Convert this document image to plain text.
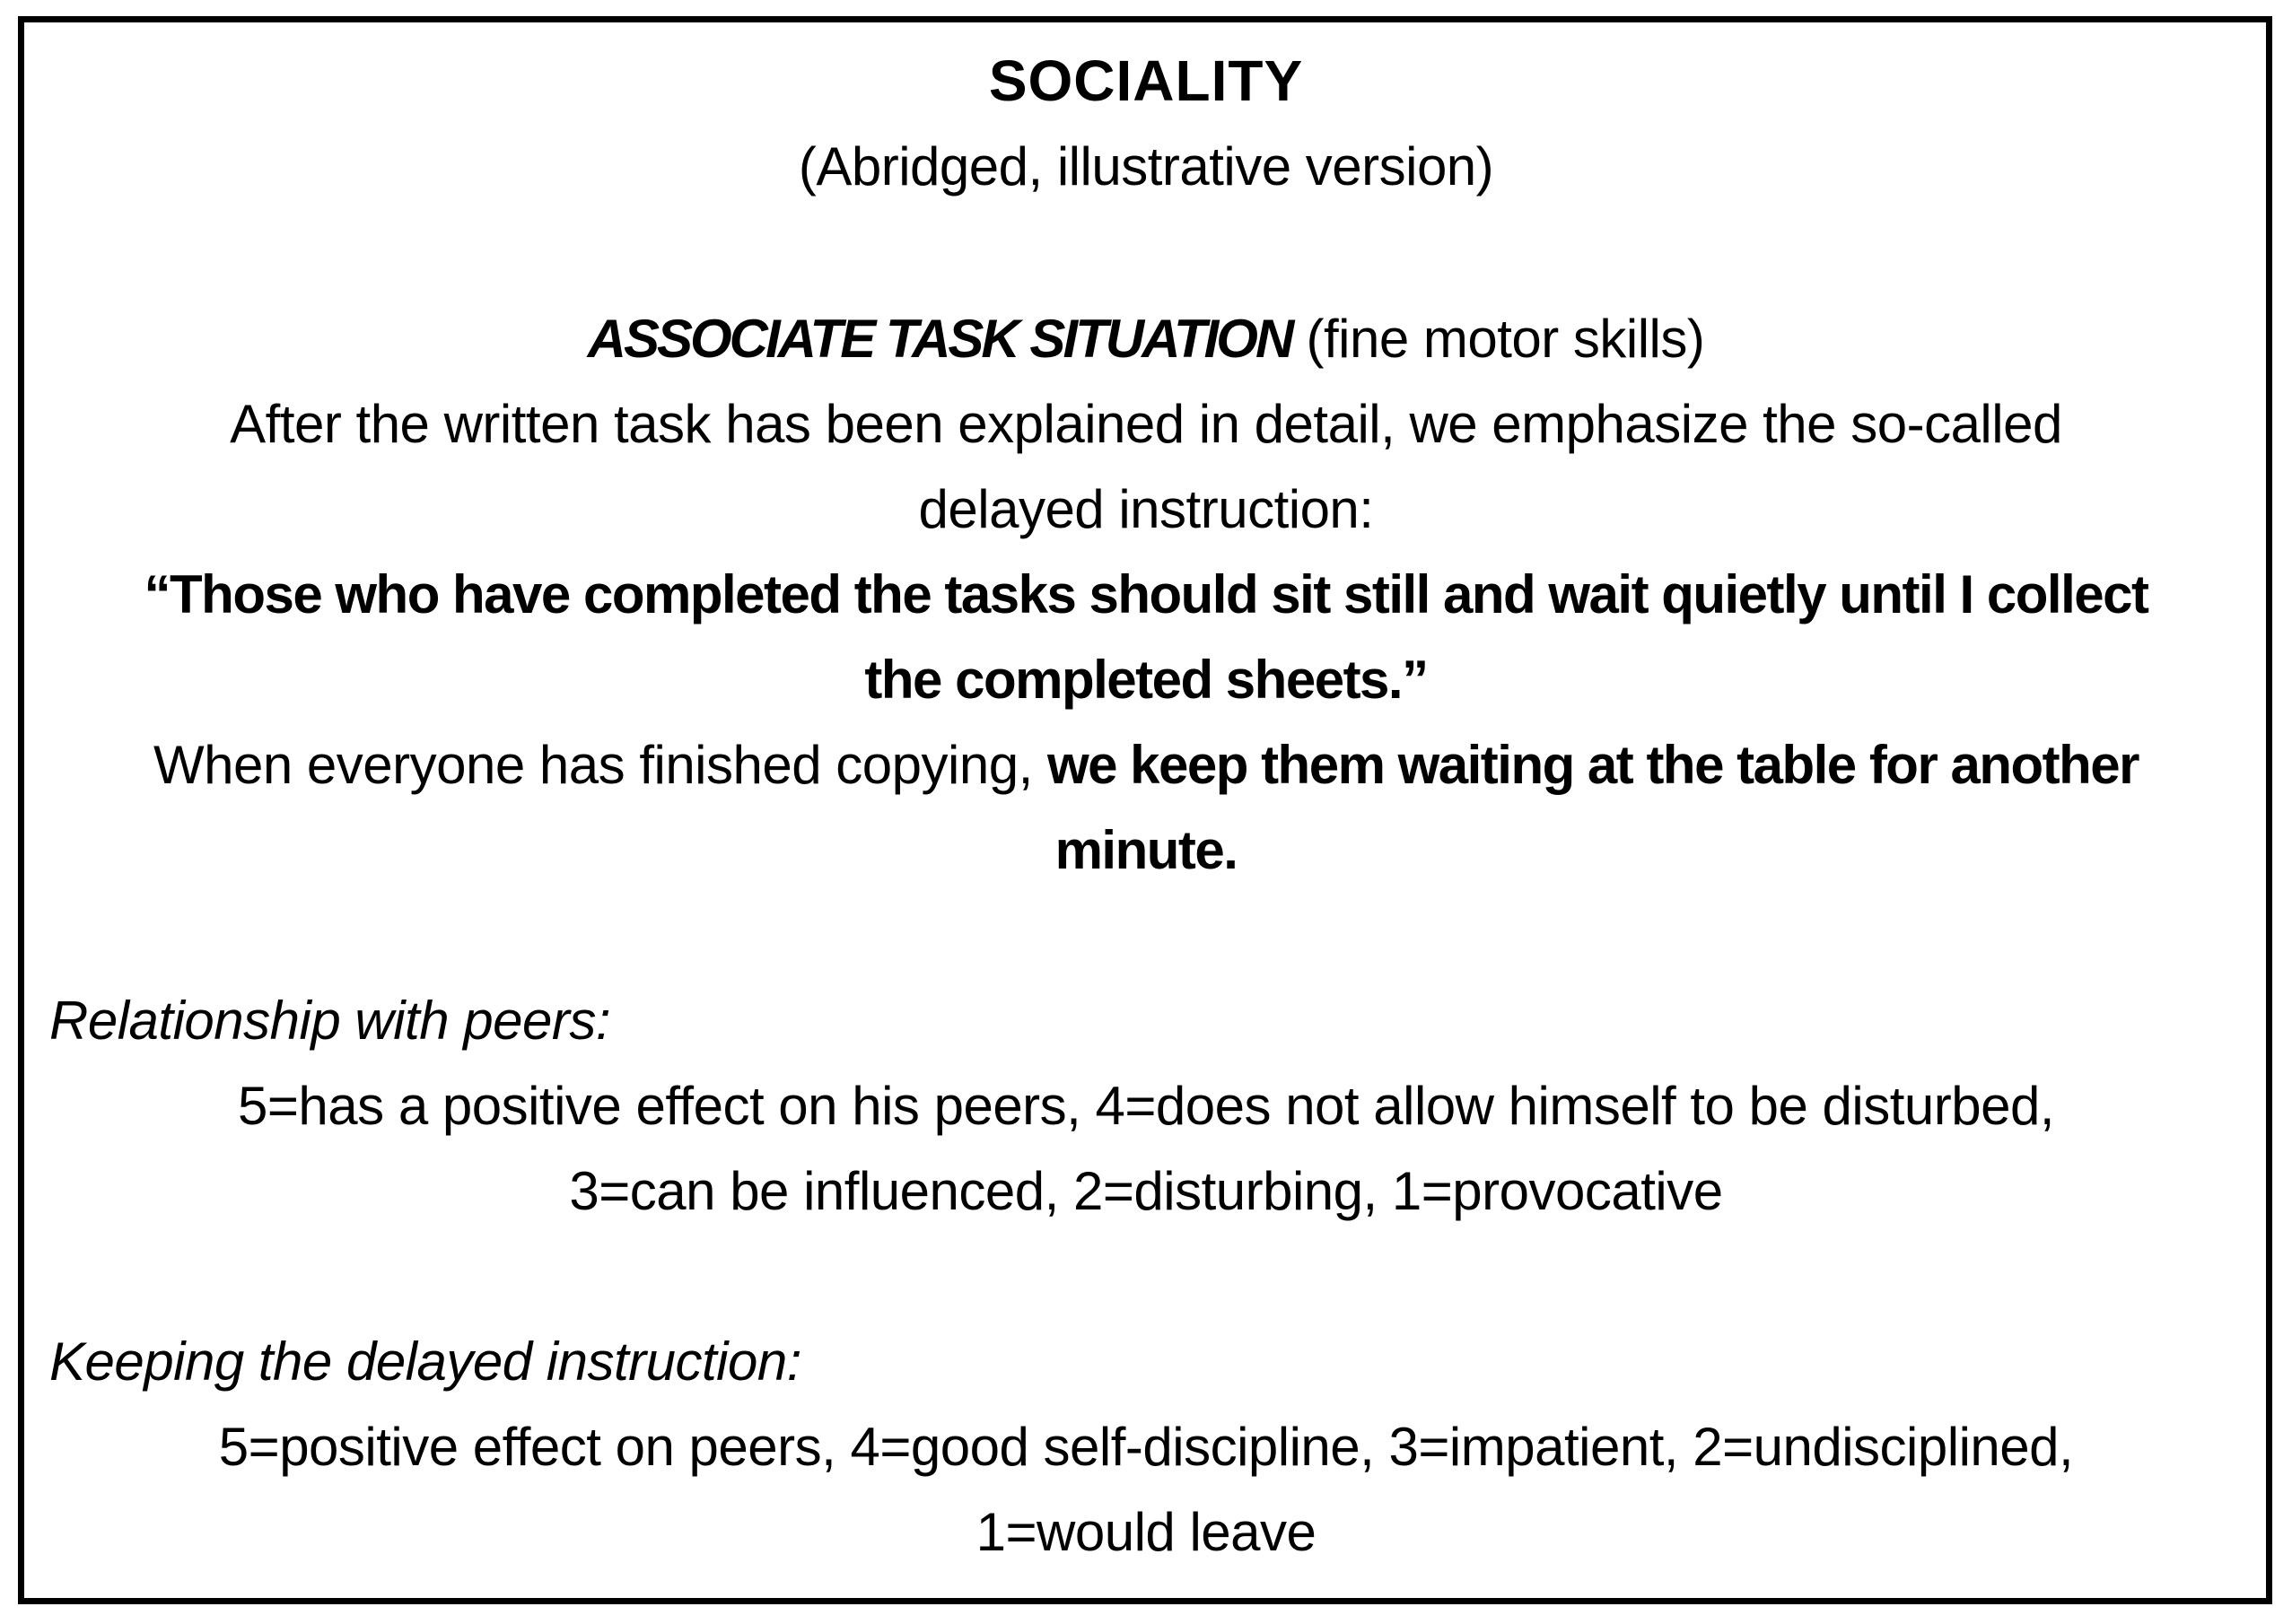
SOCIALITY
(Abridged, illustrative version)
ASSOCIATE TASK SITUATION (fine motor skills)
After the written task has been explained in detail, we emphasize the so-called
delayed instruction:
“Those who have completed the tasks should sit still and wait quietly until I collect
the completed sheets.”
When everyone has finished copying, we keep them waiting at the table for another
minute.
Relationship with peers:
5=has a positive effect on his peers, 4=does not allow himself to be disturbed,
3=can be influenced, 2=disturbing, 1=provocative
Keeping the delayed instruction:
5=positive effect on peers, 4=good self-discipline, 3=impatient, 2=undisciplined,
1=would leave
